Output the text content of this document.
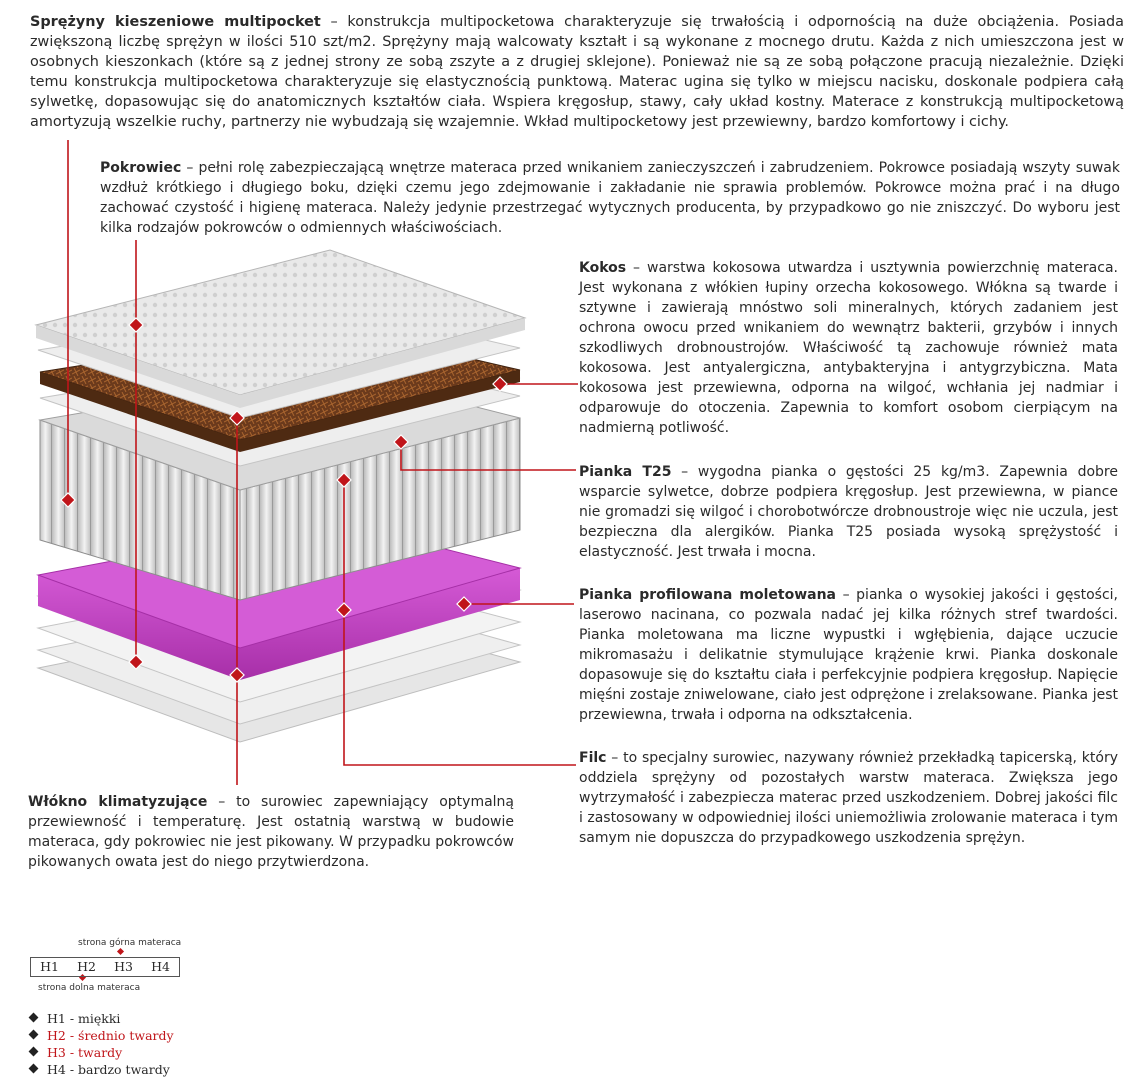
Sprężyny kieszeniowe multipocket – konstrukcja multipocketowa charakteryzuje się trwałością i odpornością na duże obciążenia. Posiada zwiększoną liczbę sprężyn w ilości 510 szt/m2. Sprężyny mają walcowaty kształt i są wykonane z mocnego drutu. Każda z nich umieszczona jest w osobnych kieszonkach (które są z jednej strony ze sobą zszyte a z drugiej sklejone). Ponieważ nie są ze sobą połączone pracują niezależnie. Dzięki temu konstrukcja multipocketowa charakteryzuje się elastycznością punktową. Materac ugina się tylko w miejscu nacisku, doskonale podpiera całą sylwetkę, dopasowując się do anatomicznych kształtów ciała. Wspiera kręgosłup, stawy, cały układ kostny. Materace z konstrukcją multipocketową amortyzują wszelkie ruchy, partnerzy nie wybudzają się wzajemnie. Wkład multipocketowy jest przewiewny, bardzo komfortowy i cichy.
Pokrowiec – pełni rolę zabezpieczającą wnętrze materaca przed wnikaniem zanieczyszczeń i zabrudzeniem. Pokrowce posiadają wszyty suwak wzdłuż krótkiego i długiego boku, dzięki czemu jego zdejmowanie i zakładanie nie sprawia problemów. Pokrowce można prać i na długo zachować czystość i higienę materaca. Należy jedynie przestrzegać wytycznych producenta, by przypadkowo go nie zniszczyć. Do wyboru jest kilka rodzajów pokrowców o odmiennych właściwościach.
Kokos – warstwa kokosowa utwardza i usztywnia powierzchnię materaca. Jest wykonana z włókien łupiny orzecha kokosowego. Włókna są twarde i sztywne i zawierają mnóstwo soli mineralnych, których zadaniem jest ochrona owocu przed wnikaniem do wewnątrz bakterii, grzybów i innych szkodliwych drobnoustrojów. Właściwość tą zachowuje również mata kokosowa. Jest antyalergiczna, antybakteryjna i antygrzybiczna. Mata kokosowa jest przewiewna, odporna na wilgoć, wchłania jej nadmiar i odparowuje do otoczenia. Zapewnia to komfort osobom cierpiącym na nadmierną potliwość.
Pianka T25 – wygodna pianka o gęstości 25 kg/m3. Zapewnia dobre wsparcie sylwetce, dobrze podpiera kręgosłup. Jest przewiewna, w piance nie gromadzi się wilgoć i chorobotwórcze drobnoustroje więc nie uczula, jest bezpieczna dla alergików. Pianka T25 posiada wysoką sprężystość i elastyczność. Jest trwała i mocna.
Pianka profilowana moletowana – pianka o wysokiej jakości i gęstości, laserowo nacinana, co pozwala nadać jej kilka różnych stref twardości. Pianka moletowana ma liczne wypustki i wgłębienia, dające uczucie mikromasażu i delikatnie stymulujące krążenie krwi. Pianka doskonale dopasowuje się do kształtu ciała i perfekcyjnie podpiera kręgosłup. Napięcie mięśni zostaje zniwelowane, ciało jest odprężone i zrelaksowane. Pianka jest przewiewna, trwała i odporna na odkształcenia.
Filc – to specjalny surowiec, nazywany również przekładką tapicerską, który oddziela sprężyny od pozostałych warstw materaca. Zwiększa jego wytrzymałość i zabezpiecza materac przed uszkodzeniem. Dobrej jakości filc i zastosowany w odpowiedniej ilości uniemożliwia zrolowanie materaca i tym samym nie dopuszcza do przypadkowego uszkodzenia sprężyn.
Włókno klimatyzujące – to surowiec zapewniający optymalną przewiewność i temperaturę. Jest ostatnią warstwą w budowie materaca, gdy pokrowiec nie jest pikowany. W przypadku pokrowców pikowanych owata jest do niego przytwierdzona.
strona górna materaca
H1	H2	H3	H4
strona dolna materaca
H1 - miękki
H2 - średnio twardy
H3 - twardy
H4 - bardzo twardy
